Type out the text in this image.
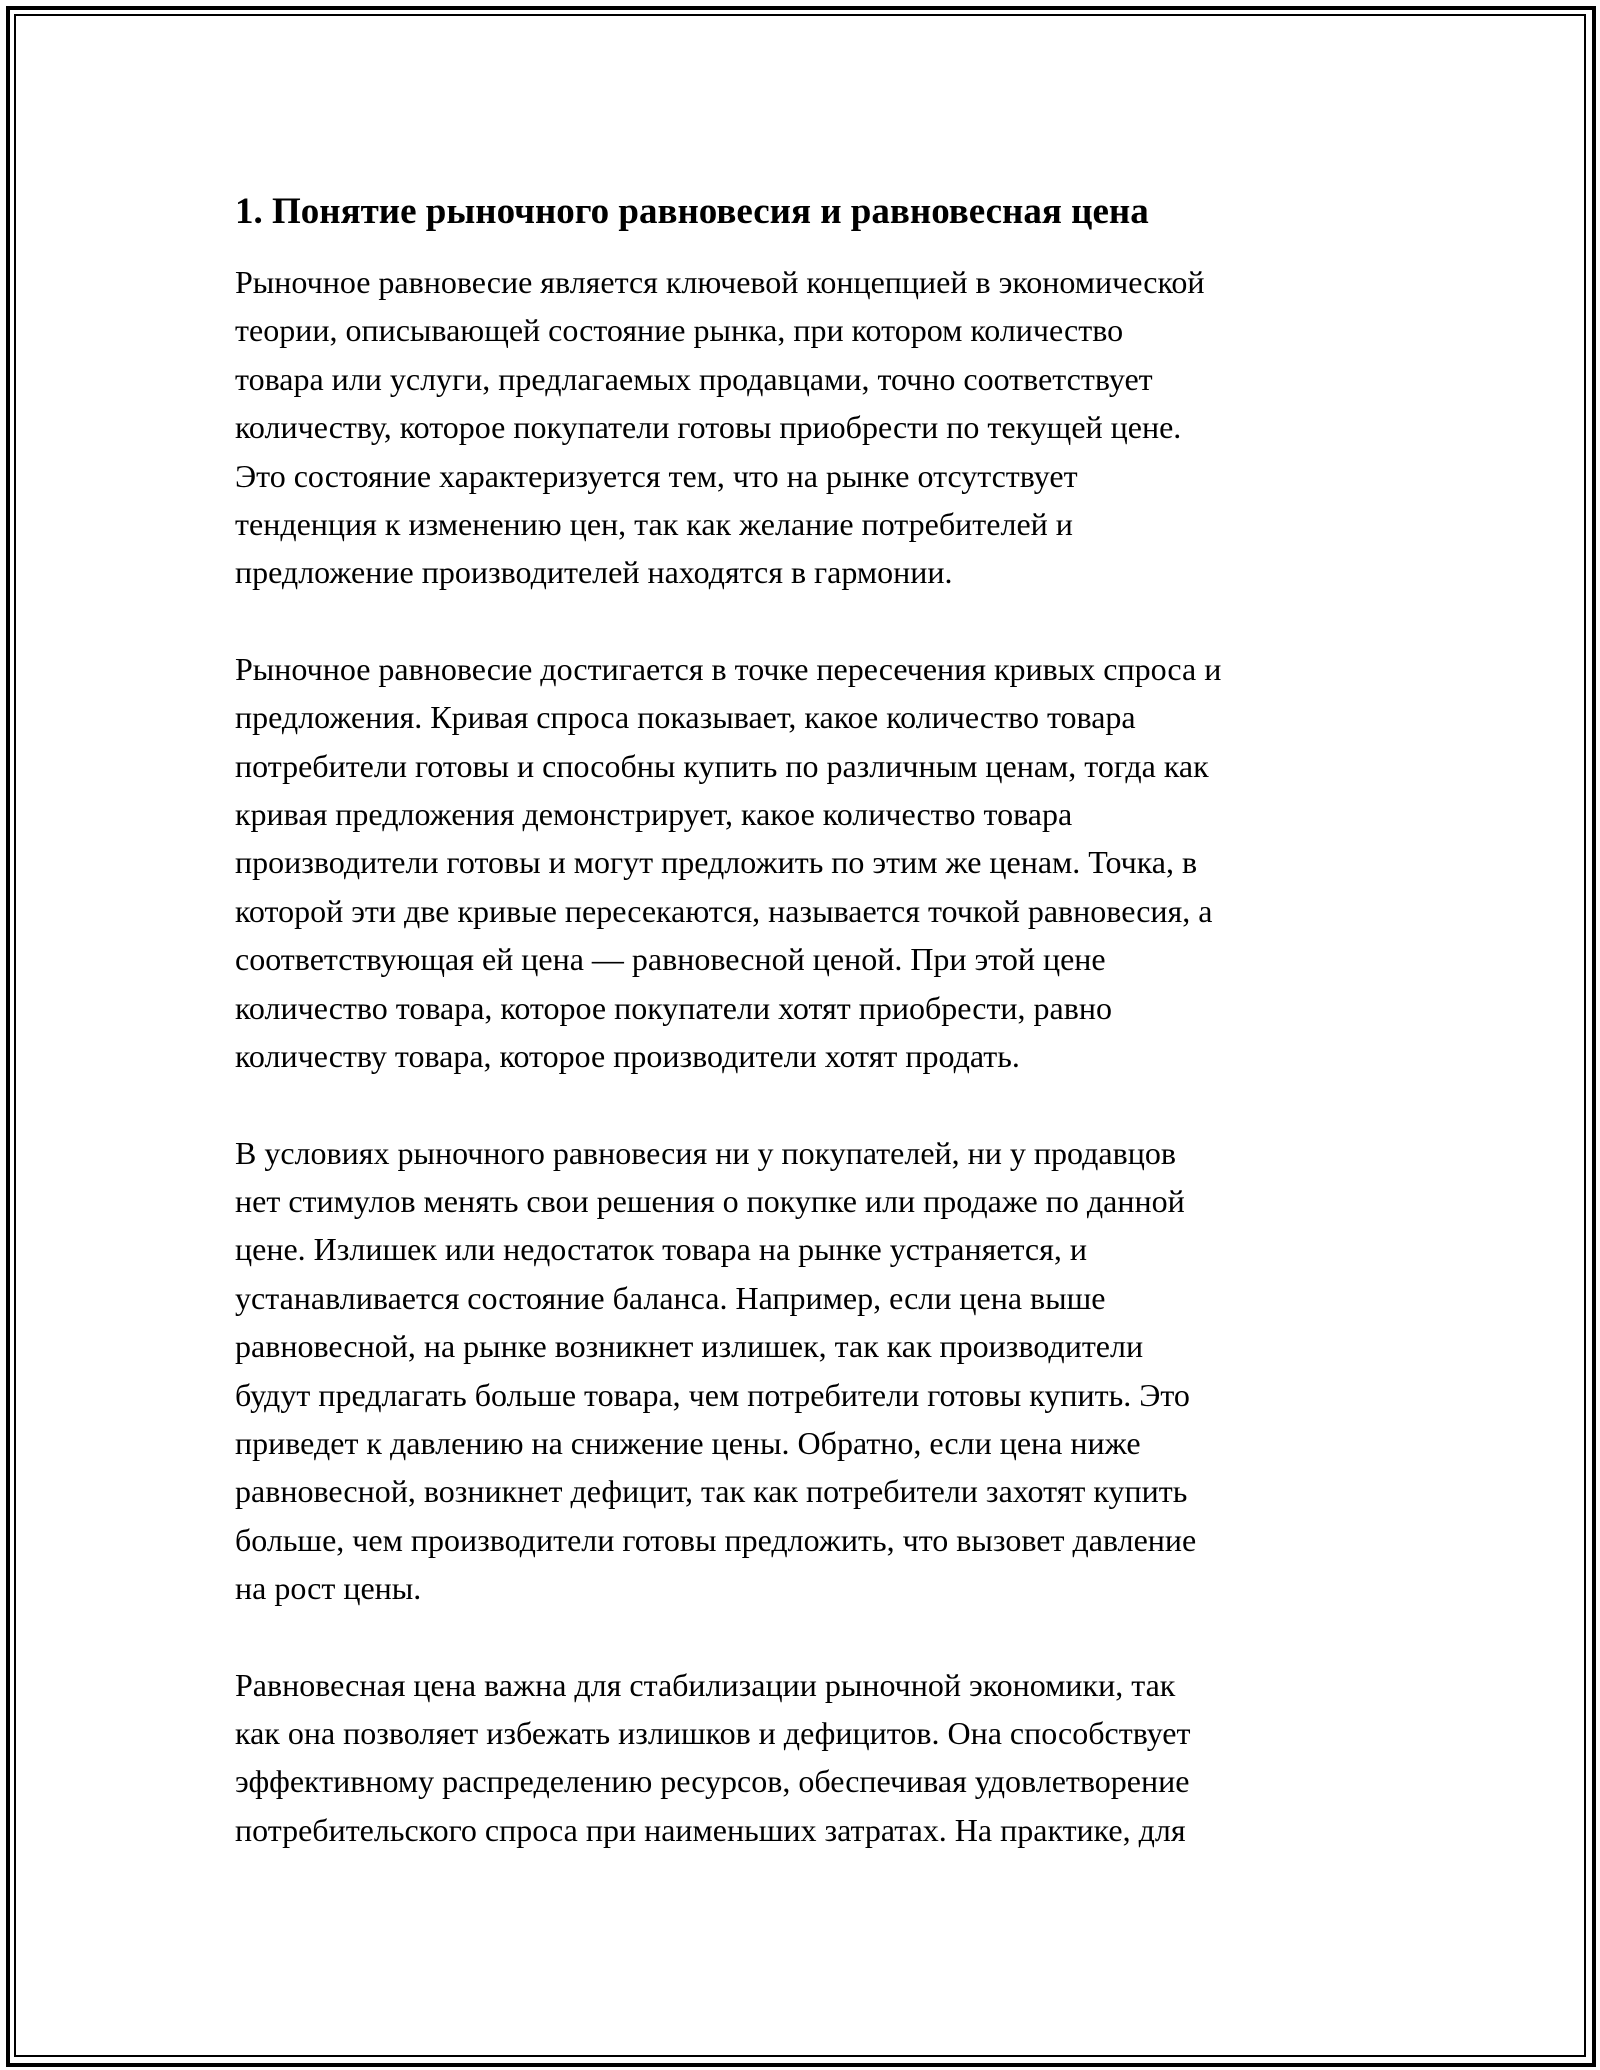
1. Понятие рыночного равновесия и равновесная цена

Рыночное равновесие является ключевой концепцией в экономической
теории, описывающей состояние рынка, при котором количество
товара или услуги, предлагаемых продавцами, точно соответствует
количеству, которое покупатели готовы приобрести по текущей цене.
Это состояние характеризуется тем, что на рынке отсутствует
тенденция к изменению цен, так как желание потребителей и
предложение производителей находятся в гармонии.

Рыночное равновесие достигается в точке пересечения кривых спроса и
предложения. Кривая спроса показывает, какое количество товара
потребители готовы и способны купить по различным ценам, тогда как
кривая предложения демонстрирует, какое количество товара
производители готовы и могут предложить по этим же ценам. Точка, в
которой эти две кривые пересекаются, называется точкой равновесия, а
соответствующая ей цена — равновесной ценой. При этой цене
количество товара, которое покупатели хотят приобрести, равно
количеству товара, которое производители хотят продать.

В условиях рыночного равновесия ни у покупателей, ни у продавцов
нет стимулов менять свои решения о покупке или продаже по данной
цене. Излишек или недостаток товара на рынке устраняется, и
устанавливается состояние баланса. Например, если цена выше
равновесной, на рынке возникнет излишек, так как производители
будут предлагать больше товара, чем потребители готовы купить. Это
приведет к давлению на снижение цены. Обратно, если цена ниже
равновесной, возникнет дефицит, так как потребители захотят купить
больше, чем производители готовы предложить, что вызовет давление
на рост цены.

Равновесная цена важна для стабилизации рыночной экономики, так
как она позволяет избежать излишков и дефицитов. Она способствует
эффективному распределению ресурсов, обеспечивая удовлетворение
потребительского спроса при наименьших затратах. На практике, для
